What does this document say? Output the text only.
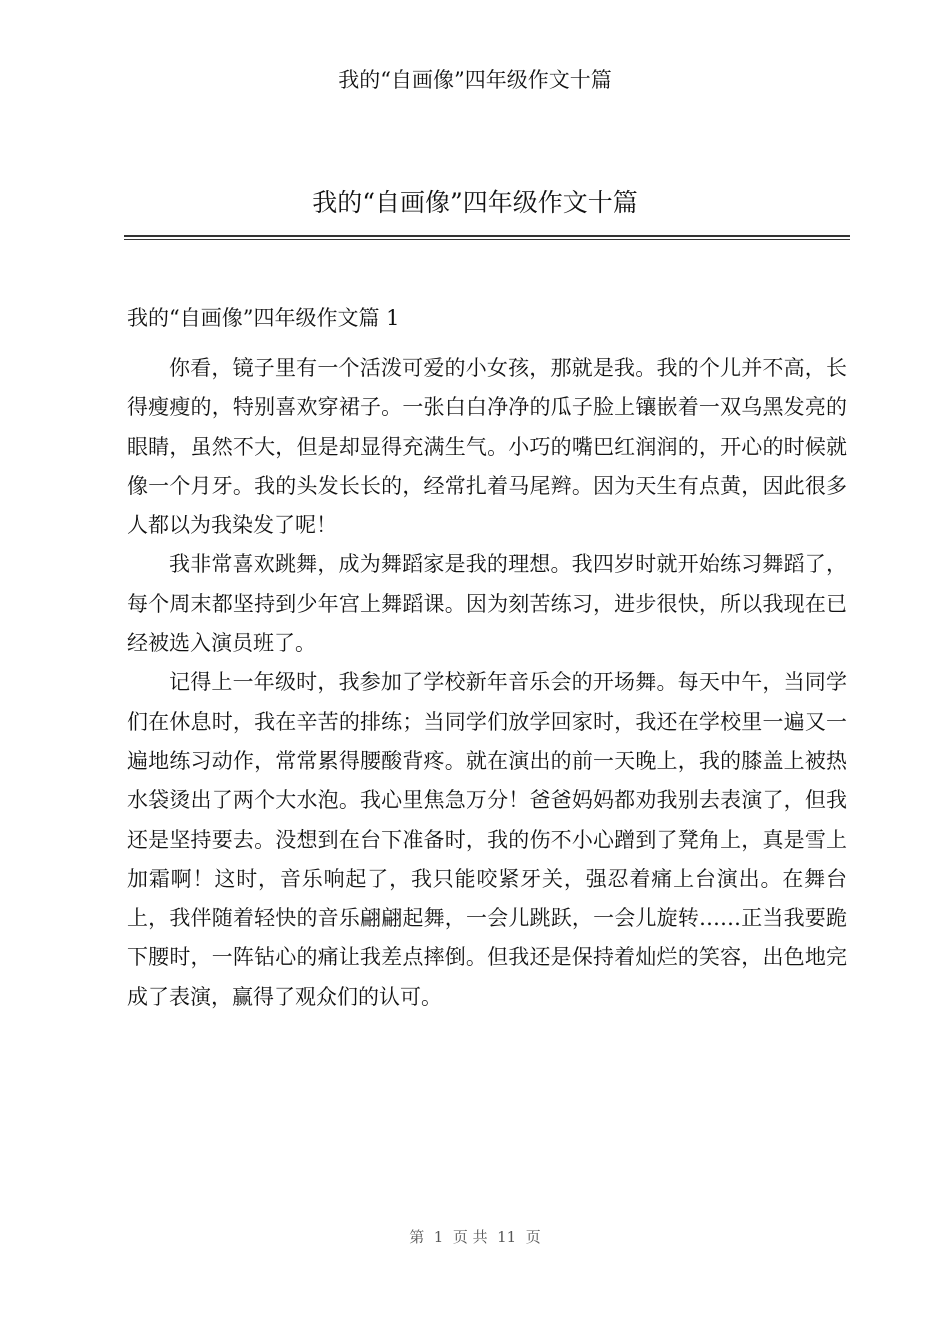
我的“自画像”四年级作文十篇
我的“自画像”四年级作文十篇
我的“自画像”四年级作文篇 1

你看，镜子里有一个活泼可爱的小女孩，那就是我。我的个儿并不高，长得瘦瘦的，特别喜欢穿裙子。一张白白净净的瓜子脸上镶嵌着一双乌黑发亮的眼睛，虽然不大，但是却显得充满生气。小巧的嘴巴红润润的，开心的时候就像一个月牙。我的头发长长的，经常扎着马尾辫。因为天生有点黄，因此很多人都以为我染发了呢！

我非常喜欢跳舞，成为舞蹈家是我的理想。我四岁时就开始练习舞蹈了，每个周末都坚持到少年宫上舞蹈课。因为刻苦练习，进步很快，所以我现在已经被选入演员班了。

记得上一年级时，我参加了学校新年音乐会的开场舞。每天中午，当同学们在休息时，我在辛苦的排练；当同学们放学回家时，我还在学校里一遍又一遍地练习动作，常常累得腰酸背疼。就在演出的前一天晚上，我的膝盖上被热水袋烫出了两个大水泡。我心里焦急万分！爸爸妈妈都劝我别去表演了，但我还是坚持要去。没想到在台下准备时，我的伤不小心蹭到了凳角上，真是雪上加霜啊！这时，音乐响起了，我只能咬紧牙关，强忍着痛上台演出。在舞台上，我伴随着轻快的音乐翩翩起舞，一会儿跳跃，一会儿旋转……正当我要跪下腰时，一阵钻心的痛让我差点摔倒。但我还是保持着灿烂的笑容，出色地完成了表演，赢得了观众们的认可。

第  1  页 共  11  页
